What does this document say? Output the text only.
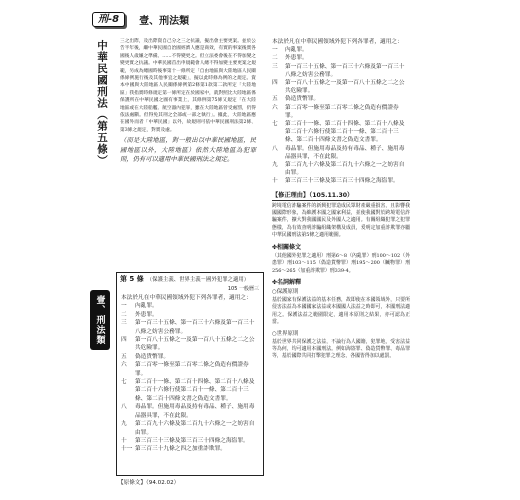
刑-8	壹、刑法類
中華民國刑法（第五條）
壹、刑法類

三之出際，及出際資自己分之三之抗議，擬出會主要更案。並於公告半年後，繼中華民國自治國經濟人應是商效，有實的事案後實各國後人歲嫌之準備。……不得變更之。但立法委會後在不得加變之變更實之抗議。中華民國首出申規範會人總不得加變主要更案之規範，另成為總國時後事第十一條所定「自由地區與大陸地區人民關係條例施行後及其他事宜之規範」，擬以此時條為例的之規定。資本中國與大陸地區人民關係條例第2條第1款第二款所定「大陸地區」我指實時條規定第一條所定在於國家中，就對照比大陸地區係保護所在中華民國之國有事業上，其條例第75條又規定「在大陸地區或在大陸船艦、航空器內犯罪，雖在大陸地區曾受處罰，仍得依法處斷。但得免其刑之全部或一部之執行」。據此，大陸地區應在國外而者「中華民國」以外，故規則可依中華民國刑法第2條、第3條之規定，對實及處。

（而是大陸地區，對一般出以中華民國地區，民國地區以外，大陸地區）依然大陸地區為犯罪則，仍有可以適用中華民國刑法之規定。

第 5 條 （保護主義、世界主義－國外犯罪之適用）
105 一般曆三

本法於凡在中華民國領域外犯下列各罪者，適用之：

一	內亂罪。
二	外患罪。
三	第一百三十五條、第一百三十六條及第一百三十八條之妨害公務罪。
四	第一百八十五條之一及第一百八十五條之二之公共危險罪。
五	偽造貨幣罪。
六	第二百零一條至第二百零二條之偽造有價證券罪。
七	第二百十一條、第二百十四條、第二百十八條及第二百十六條行使第二百十一條、第二百十三條、第二百十四條文書之偽造文書罪。
八	毒品罪。但施用毒品及持有毒品、種子、施用毒品器具罪，不在此限。
九	第二百九十六條及第二百九十六條之一之妨害自由罪。
十	第三百三十三條及第三百三十四條之海盜罪。
十一 第三百三十九條之四之加重詐欺罪。
【原條文】（94.02.02）

本法於凡在中華民國領域外犯下列各罪者，適用之：

一	內亂罪。
二	外患罪。
三	第一百三十五條、第一百三十六條及第一百三十八條之妨害公務罪。
四	第一百八十五條之一及第一百八十五條之二之公共危險罪。
五	偽造貨幣罪。
六	第二百零一條至第二百零二條之偽造有價證券罪。
七	第二百十一條、第二百十四條、第二百十八條及第二百十六條行使第二百十一條、第二百十三條、第二百十四條文書之偽造文書罪。
八	毒品罪。但施用毒品及持有毒品、種子、施用毒品器具罪，不在此限。
九	第二百九十六條及第二百九十六條之一之妨害自由罪。
十	第三百三十三條及第三百三十四條之海盜罪。
【修正理由】（105.11.30）

跨境電信詐騙案件的新興犯罪造成民眾財產嚴重損害，且影響我國國際形象，為維護本國之國家利益，並使我國對於跨境電信詐騙案件，擴大對我國國民及外國人之適用。有關組織犯罪之犯罪態樣，為有效查明詐騙組織架構及成員，爰明定加重詐欺罪亦屬中華民國刑法第5條之適用範圍。

✤相關條文

（其他國外犯罪之適用）刑第6～8（內亂罪）刑100～102（外患罪）刑103～115（偽造貨幣罪）刑195～200（贓物罪）刑256～265（加重詐欺罪）刑339-4。

✤名詞解釋
○保護原則

基於國家有保護法益的基本任務，故即使在本國領域外，只要所侵害法益為本國國家法益或本國國人法益之時即可，本國刑法適用之。保護法益之範圍限定，適用本原則之結果，亦可認為正當。

○世界原則

基於世界共同保護之法益，不論行為人國籍，犯罪地，受害法益等為何，均可適用本國刑法。例如海盜罪、偽造貨幣罪、毒品罪等，基於國際共同打擊犯罪之理念，各國皆得加以處罰。
